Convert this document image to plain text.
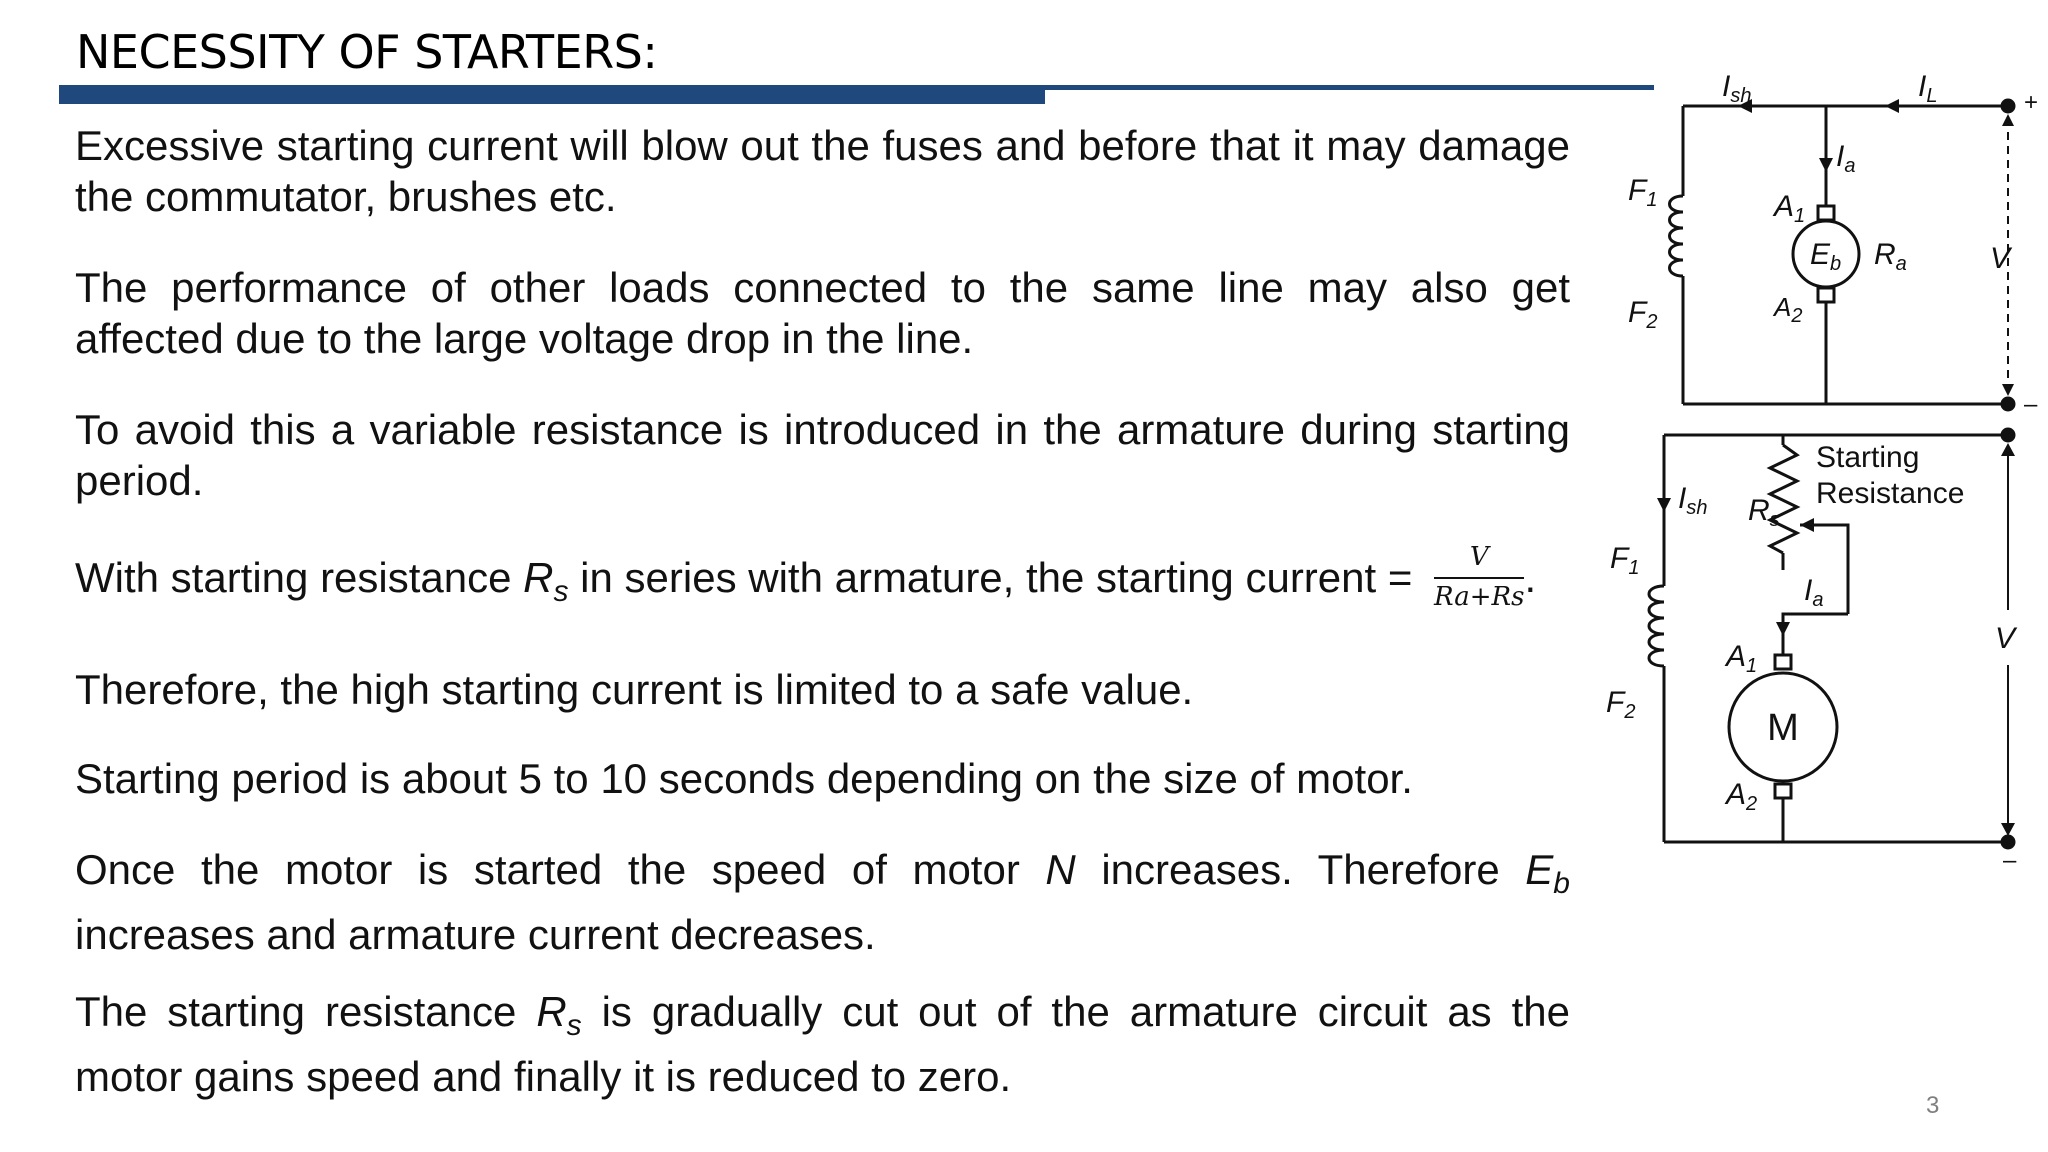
NECESSITY OF STARTERS:
Excessive starting current will blow out the fuses and before that it may damage the commutator, brushes etc.
The performance of other loads connected to the same line may also get affected due to the large voltage drop in the line.
To avoid this a variable resistance is introduced in the armature during starting period.
With starting resistance $R_s$ in series with armature, the starting current = $\frac{V}{Ra+Rs}$ .
Therefore, the high starting current is limited to a safe value.
Starting period is about 5 to 10 seconds depending on the size of motor.
Once the motor is started the speed of motor N increases. Therefore $E_b$ increases and armature current decreases.
The starting resistance $R_s$ is gradually cut out of the armature circuit as the motor gains speed and finally it is reduced to zero.
3
$I_{sh}$	$I_L$
$I_a$
$F_1$
$F_2$
$A_1$
$A_2$
$E_b$ $R_a$	V
+
–
$I_{sh}$ $R_s$
Starting
Resistance
$I_a$
$F_1$
$F_2$
$A_1$
$A_2$
M
V
–
